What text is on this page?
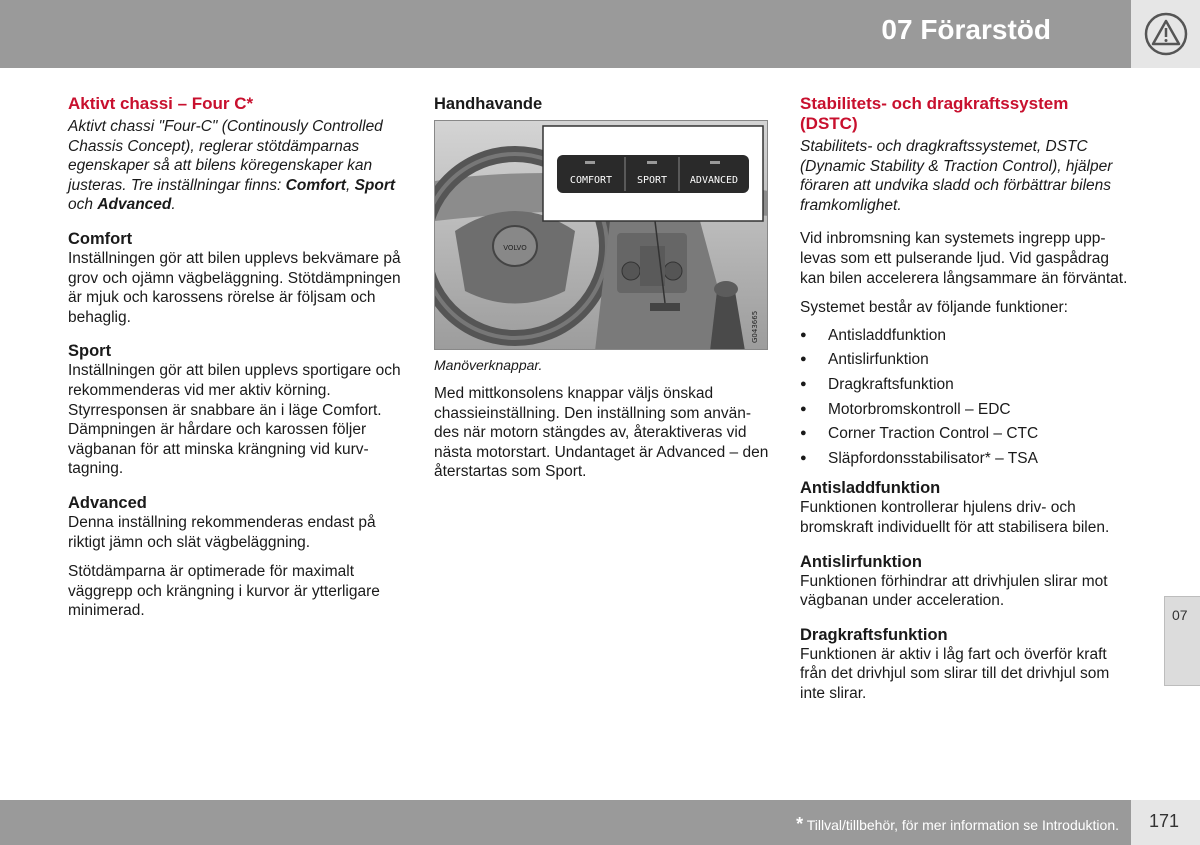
07 Förarstöd
Aktivt chassi – Four C*

Aktivt chassi "Four-C" (Continously Controlled Chassis Concept), reglerar stötdämparnas egenskaper så att bilens köregenskaper kan justeras. Tre inställningar finns: Comfort, Sport och Advanced.

Comfort

Inställningen gör att bilen upplevs bekvämare på grov och ojämn vägbeläggning. Stötdämpningen är mjuk och karossens rörelse är följsam och behaglig.

Sport

Inställningen gör att bilen upplevs sportigare och rekommenderas vid mer aktiv körning. Styrresponsen är snabbare än i läge Comfort. Dämpningen är hårdare och karossen följer vägbanan för att minska krängning vid kurvtagning.

Advanced

Denna inställning rekommenderas endast på riktigt jämn och slät vägbeläggning.

Stötdämparna är optimerade för maximalt väggrepp och krängning i kurvor är ytterligare minimerad.

Handhavande
VOLVO
COMFORT SPORT ADVANCED
G043665
Manöverknappar.

Med mittkonsolens knappar väljs önskad chassieinställning. Den inställning som användes när motorn stängdes av, återaktiveras vid nästa motorstart. Undantaget är Advanced – den återstartas som Sport.

Stabilitets- och dragkraftssystem (DSTC)

Stabilitets- och dragkraftssystemet, DSTC (Dynamic Stability & Traction Control), hjälper föraren att undvika sladd och förbättrar bilens framkomlighet.

Vid inbromsning kan systemets ingrepp upplevas som ett pulserande ljud. Vid gaspådrag kan bilen accelerera långsammare än förväntat.

Systemet består av följande funktioner:

● Antisladdfunktion
● Antislirfunktion
● Dragkraftsfunktion
● Motorbromskontroll – EDC
● Corner Traction Control – CTC
● Släpfordonsstabilisator* – TSA
Antisladdfunktion

Funktionen kontrollerar hjulens driv- och bromskraft individuellt för att stabilisera bilen.

Antislirfunktion

Funktionen förhindrar att drivhjulen slirar mot vägbanan under acceleration.

Dragkraftsfunktion

Funktionen är aktiv i låg fart och överför kraft från det drivhjul som slirar till det drivhjul som inte slirar.

07
* Tillval/tillbehör, för mer information se Introduktion. 171
